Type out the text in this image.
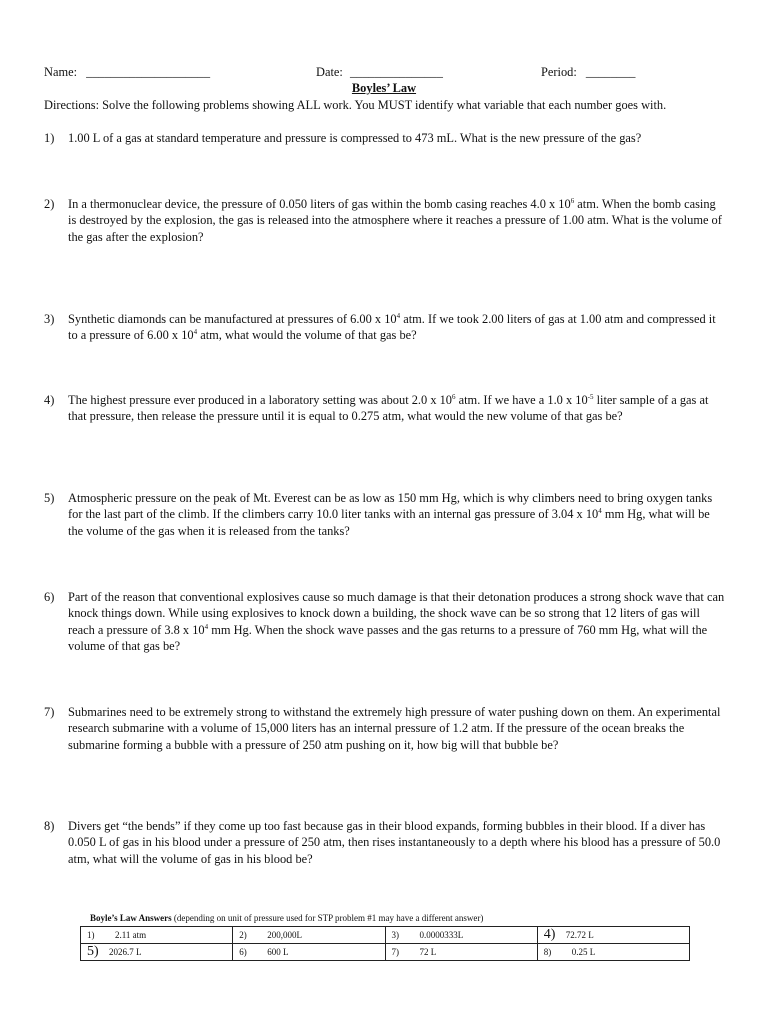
Name: ____________________	Date: _______________	Period: ________
Boyles’ Law
Directions: Solve the following problems showing ALL work. You MUST identify what variable that each number goes with.
1)	1.00 L of a gas at standard temperature and pressure is compressed to 473 mL. What is the new pressure of the gas?
2)	In a thermonuclear device, the pressure of 0.050 liters of gas within the bomb casing reaches 4.0 x $10^6$ atm. When the bomb casing is destroyed by the explosion, the gas is released into the atmosphere where it reaches a pressure of 1.00 atm. What is the volume of the gas after the explosion?
3)	Synthetic diamonds can be manufactured at pressures of 6.00 x $10^4$ atm. If we took 2.00 liters of gas at 1.00 atm and compressed it to a pressure of 6.00 x $10^4$ atm, what would the volume of that gas be?
4)	The highest pressure ever produced in a laboratory setting was about 2.0 x $10^6$ atm. If we have a 1.0 x $10^{-5}$ liter sample of a gas at that pressure, then release the pressure until it is equal to 0.275 atm, what would the new volume of that gas be?
5)	Atmospheric pressure on the peak of Mt. Everest can be as low as 150 mm Hg, which is why climbers need to bring oxygen tanks for the last part of the climb. If the climbers carry 10.0 liter tanks with an internal gas pressure of 3.04 x $10^4$ mm Hg, what will be the volume of the gas when it is released from the tanks?
6)	Part of the reason that conventional explosives cause so much damage is that their detonation produces a strong shock wave that can knock things down. While using explosives to knock down a building, the shock wave can be so strong that 12 liters of gas will reach a pressure of 3.8 x $10^4$ mm Hg. When the shock wave passes and the gas returns to a pressure of 760 mm Hg, what will the volume of that gas be?
7)	Submarines need to be extremely strong to withstand the extremely high pressure of water pushing down on them. An experimental research submarine with a volume of 15,000 liters has an internal pressure of 1.2 atm. If the pressure of the ocean breaks the submarine forming a bubble with a pressure of 250 atm pushing on it, how big will that bubble be?
8)	Divers get “the bends” if they come up too fast because gas in their blood expands, forming bubbles in their blood. If a diver has 0.050 L of gas in his blood under a pressure of 250 atm, then rises instantaneously to a depth where his blood has a pressure of 50.0 atm, what will the volume of gas in his blood be?
Boyle’s Law Answers (depending on unit of pressure used for STP problem #1 may have a different answer)
1) 2.11 atm	2) 200,000L	3) 0.0000333L	4) 72.72 L
5) 2026.7 L	6) 600 L	7) 72 L	8) 0.25 L
